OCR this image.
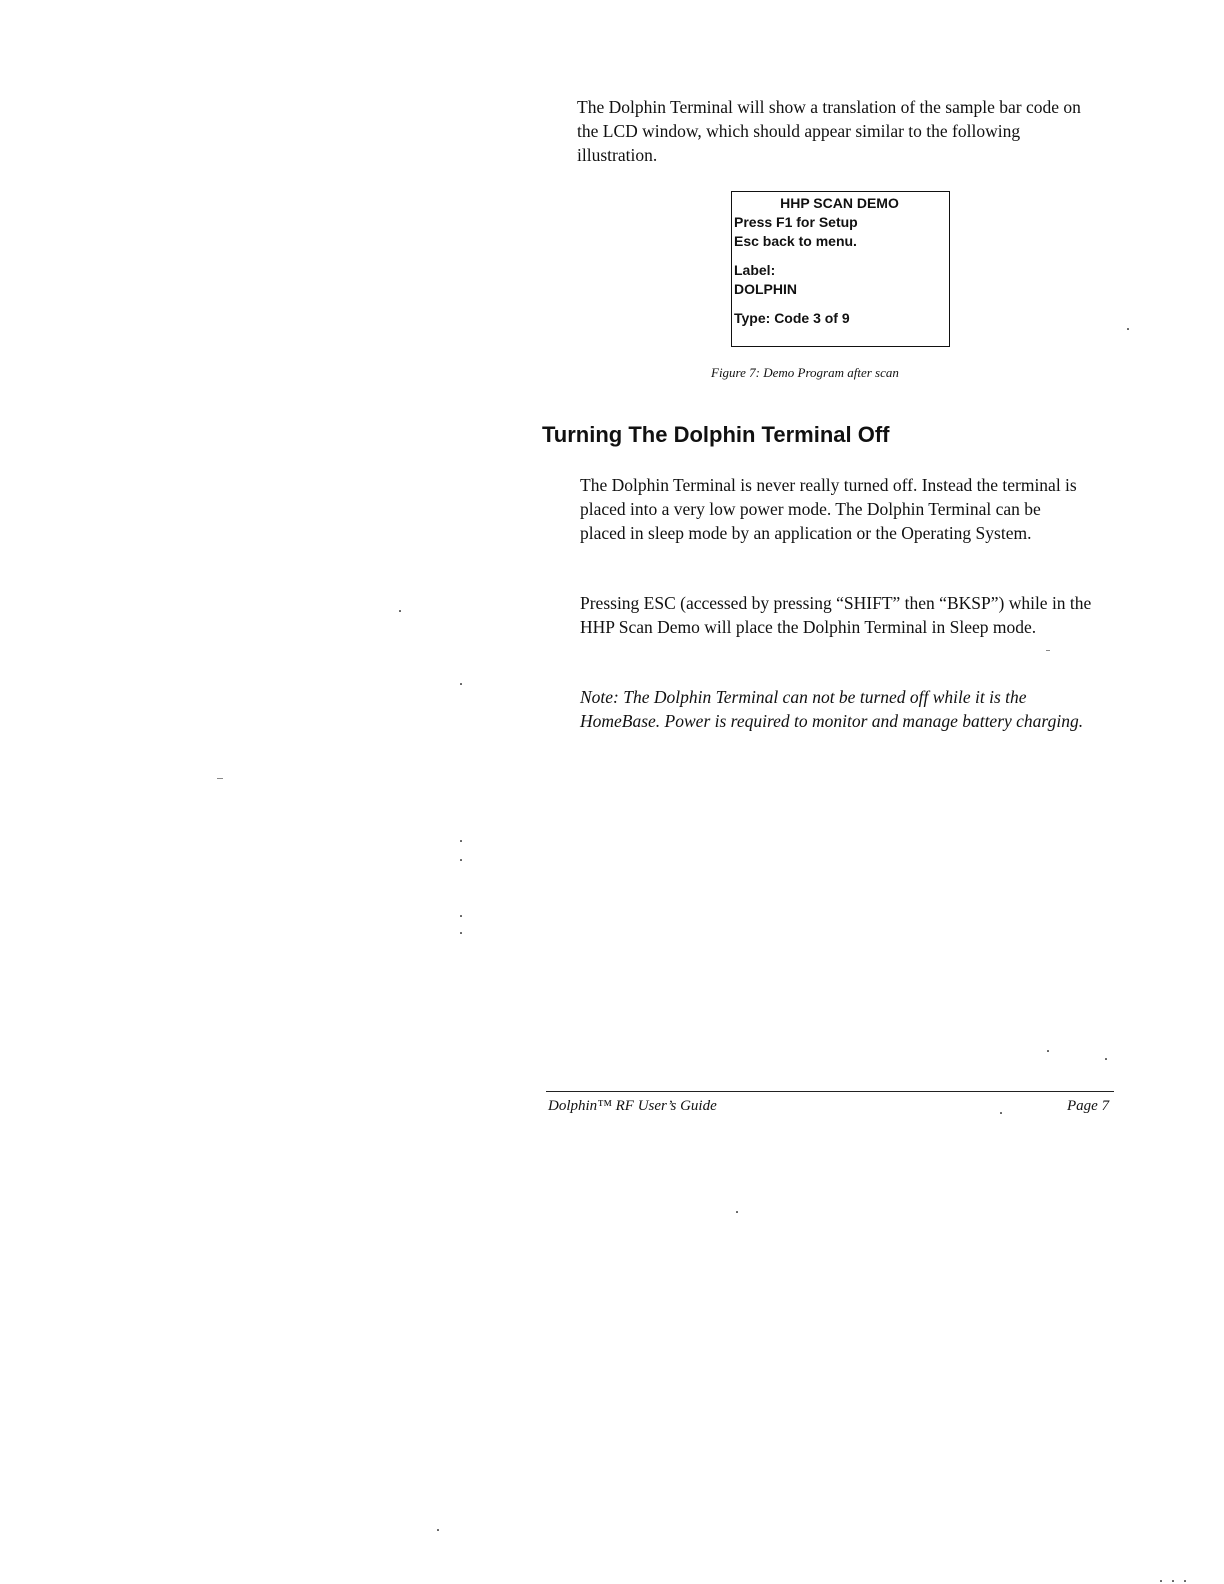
The Dolphin Terminal will show a translation of the sample bar code on the LCD window, which should appear similar to the following illustration.

HHP SCAN DEMO
Press F1 for Setup
Esc back to menu.
Label:
DOLPHIN
Type: Code 3 of 9
Figure 7: Demo Program after scan
Turning The Dolphin Terminal Off

The Dolphin Terminal is never really turned off. Instead the terminal is placed into a very low power mode. The Dolphin Terminal can be placed in sleep mode by an application or the Operating System.

Pressing ESC (accessed by pressing “SHIFT” then “BKSP”) while in the HHP Scan Demo will place the Dolphin Terminal in Sleep mode.

Note: The Dolphin Terminal can not be turned off while it is the HomeBase. Power is required to monitor and manage battery charging.

Dolphin™ RF User’s Guide	Page 7
